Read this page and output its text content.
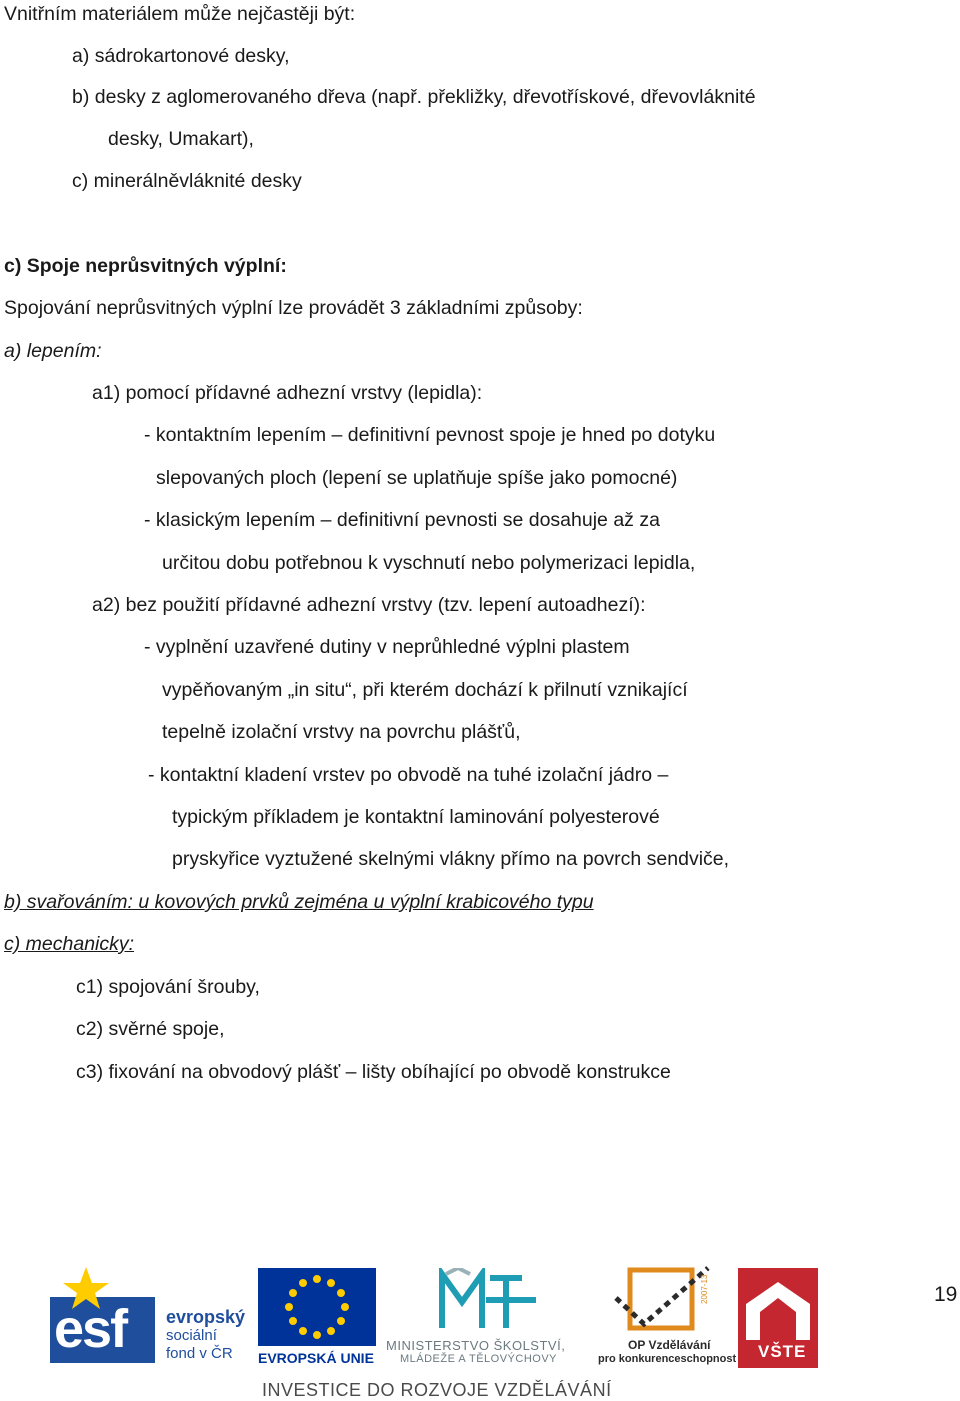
Vnitřním materiálem může nejčastěji být:
a) sádrokartonové desky,
b) desky z aglomerovaného dřeva (např. překližky, dřevotřískové, dřevovláknité
desky, Umakart),
c) minerálněvláknité desky
c) Spoje neprůsvitných výplní:
Spojování neprůsvitných výplní lze provádět 3 základními způsoby:
a) lepením:
a1) pomocí přídavné adhezní vrstvy (lepidla):
- kontaktním lepením – definitivní pevnost spoje je hned po dotyku
slepovaných ploch (lepení se uplatňuje spíše jako pomocné)
- klasickým lepením – definitivní pevnosti se dosahuje až za
určitou dobu potřebnou k vyschnutí nebo polymerizaci lepidla,
a2) bez použití přídavné adhezní vrstvy (tzv. lepení autoadhezí):
- vyplnění uzavřené dutiny v neprůhledné výplni plastem
vypěňovaným „in situ“, při kterém dochází k přilnutí vznikající
tepelně izolační vrstvy na povrchu plášťů,
- kontaktní kladení vrstev po obvodě na tuhé izolační jádro –
typickým příkladem je kontaktní laminování polyesterové
pryskyřice vyztužené skelnými vlákny přímo na povrch sendviče,
b) svařováním: u kovových prvků zejména u výplní krabicového typu
c) mechanicky:
c1) spojování šrouby,
c2) svěrné spoje,
c3) fixování na obvodový plášť – lišty obíhající po obvodě konstrukce
esf evropský
sociální
fond v ČR EVROPSKÁ UNIE
MINISTERSTVO ŠKOLSTVÍ,
MLÁDEŽE A TĚLOVÝCHOVY
2007-13
OP Vzdělávání
pro konkurenceschopnost VŠTE
19
INVESTICE DO ROZVOJE VZDĚLÁVÁNÍ
